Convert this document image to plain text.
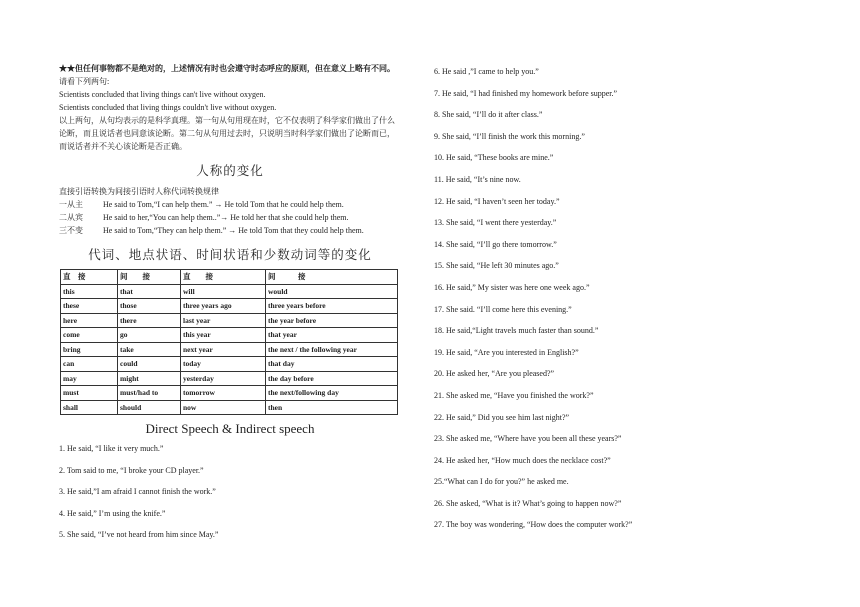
★★但任何事物都不是绝对的，上述情况有时也会遵守时态呼应的原则，但在意义上略有不同。

请看下列两句:

Scientists concluded that living things can't live without oxygen.

Scientists concluded that living things couldn't live without oxygen.

以上两句，从句均表示的是科学真理。第一句从句用现在时，它不仅表明了科学家们做出了什么论断，而且说话者也同意该论断。第二句从句用过去时，只说明当时科学家们做出了论断而已，而说话者并不关心该论断是否正确。

人称的变化

直接引语转换为间接引语时人称代词转换规律

一从主	He said to Tom,“I can help them.” → He told Tom that he could help them.
二从宾	He said to her,“You can help them..”→ He told her that she could help them.
三不变	He said to Tom,“They can help them.” → He told Tom that they could help them.
代词、地点状语、时间状语和少数动词等的变化
直　接	间　　接	直　　接	间　　　接
this	that	will	would
these	those	three years ago	three years before
here	there	last year	the year before
come	go	this year	that year
bring	take	next year	the next / the following year
can	could	today	that day
may	might	yesterday	the day before
must	must/had to	tomorrow	the next/following day
shall	should	now	then
Direct Speech & Indirect speech

1. He said, “I like it very much.”

2. Tom said to me, “I broke your CD player.”

3. He said,”I am afraid I cannot finish the work.”

4. He said,” I’m using the knife.”

5. She said, “I’ve not heard from him since May.”

6. He said ,”I came to help you.”

7. He said, “I had finished my homework before supper.”

8. She said, “I’ll do it after class.”

9. She said, “I’ll finish the work this morning.”

10. He said, “These books are mine.”

11. He said, “It’s nine now.

12. He said, “I haven’t seen her today.”

13. She said, “I went there yesterday.”

14. She said, “I’ll go there tomorrow.”

15. She said, “He left 30 minutes ago.”

16. He said,” My sister was here one week ago.”

17. She said. “I’ll come here this evening.”

18. He said,“Light travels much faster than sound.”

19. He said, “Are you interested in English?”

20. He asked her, “Are you pleased?”

21. She asked me, “Have you finished the work?”

22. He said,” Did you see him last night?”

23. She asked me, “Where have you been all these years?”

24. He asked her, “How much does the necklace cost?”

25.“What can I do for you?” he asked me.

26. She asked, “What is it? What’s going to happen now?”

27. The boy was wondering, “How does the computer work?”
